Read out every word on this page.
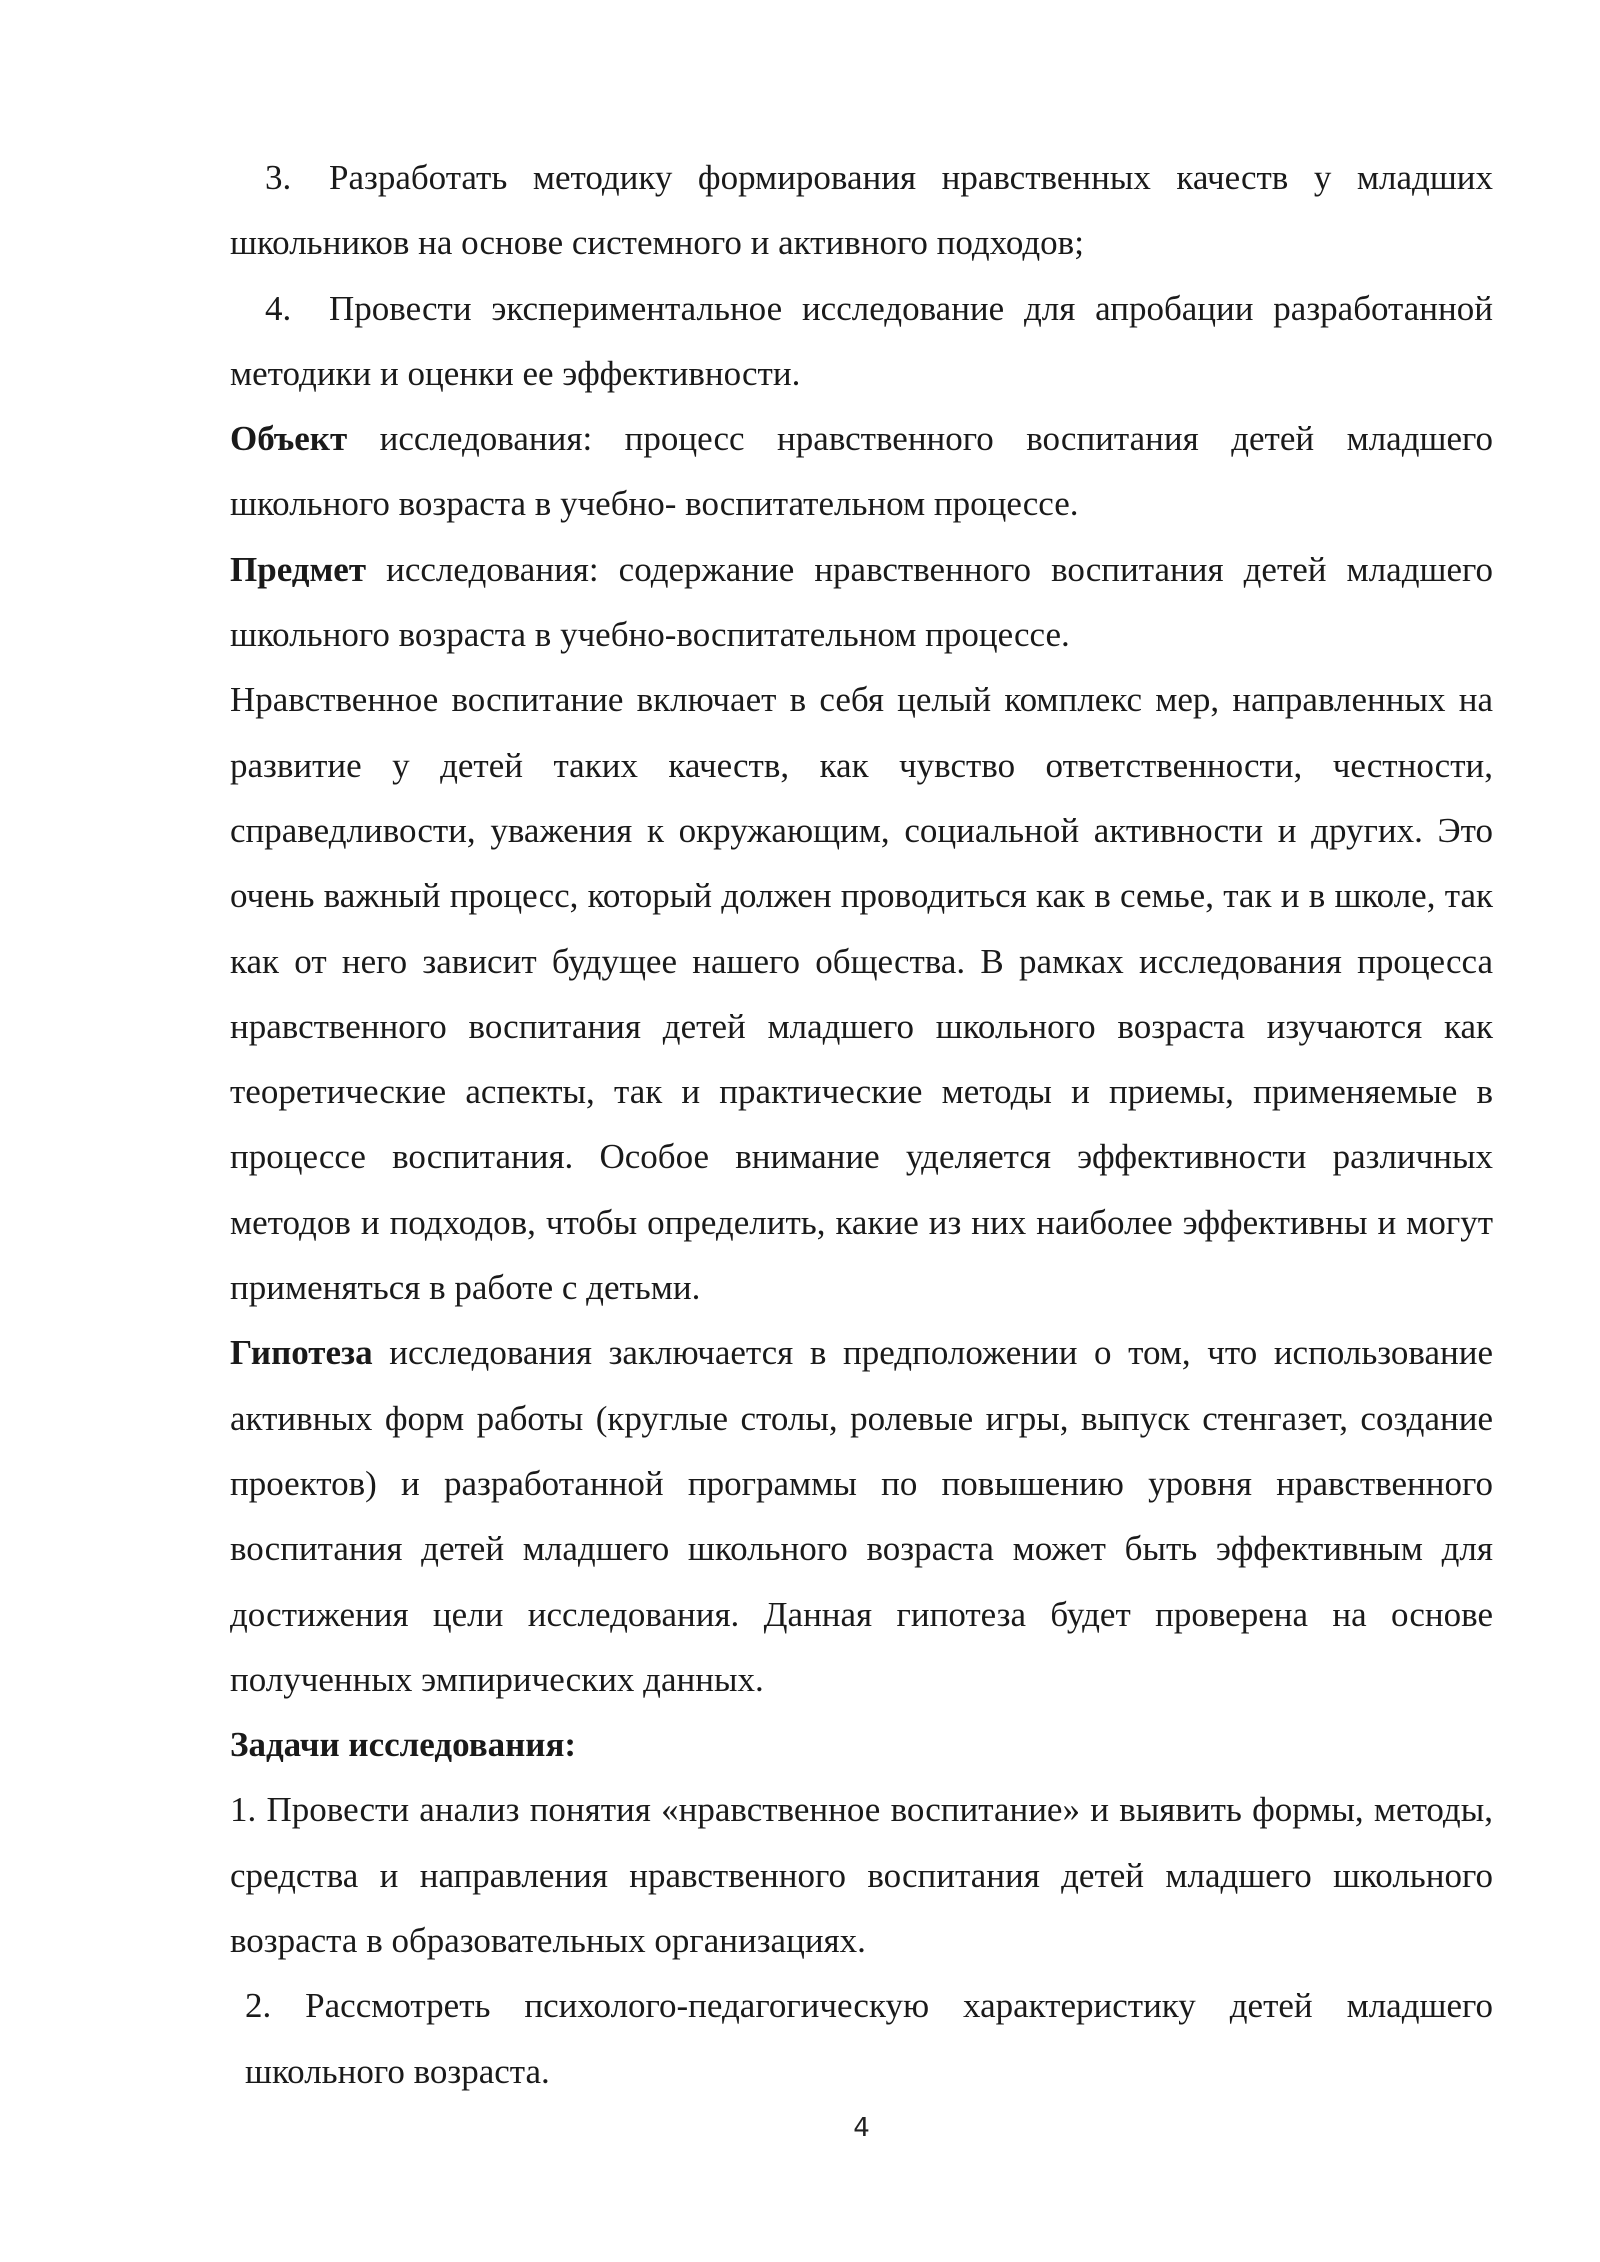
3. Разработать методику формирования нравственных качеств у младших школьников на основе системного и активного подходов;

4. Провести экспериментальное исследование для апробации разработанной методики и оценки ее эффективности.

Объект исследования: процесс нравственного воспитания детей младшего школьного возраста в учебно- воспитательном процессе.

Предмет исследования: содержание нравственного воспитания детей младшего школьного возраста в учебно-воспитательном процессе.

Нравственное воспитание включает в себя целый комплекс мер, направленных на развитие у детей таких качеств, как чувство ответственности, честности, справедливости, уважения к окружающим, социальной активности и других. Это очень важный процесс, который должен проводиться как в семье, так и в школе, так как от него зависит будущее нашего общества. В рамках исследования процесса нравственного воспитания детей младшего школьного возраста изучаются как теоретические аспекты, так и практические методы и приемы, применяемые в процессе воспитания. Особое внимание уделяется эффективности различных методов и подходов, чтобы определить, какие из них наиболее эффективны и могут применяться в работе с детьми.

Гипотеза исследования заключается в предположении о том, что использование активных форм работы (круглые столы, ролевые игры, выпуск стенгазет, создание проектов) и разработанной программы по повышению уровня нравственного воспитания детей младшего школьного возраста может быть эффективным для достижения цели исследования. Данная гипотеза будет проверена на основе полученных эмпирических данных.

Задачи исследования:

1. Провести анализ понятия «нравственное воспитание» и выявить формы, методы, средства и направления нравственного воспитания детей младшего школьного возраста в образовательных организациях.

2. Рассмотреть психолого-педагогическую характеристику детей младшего школьного возраста.

4
